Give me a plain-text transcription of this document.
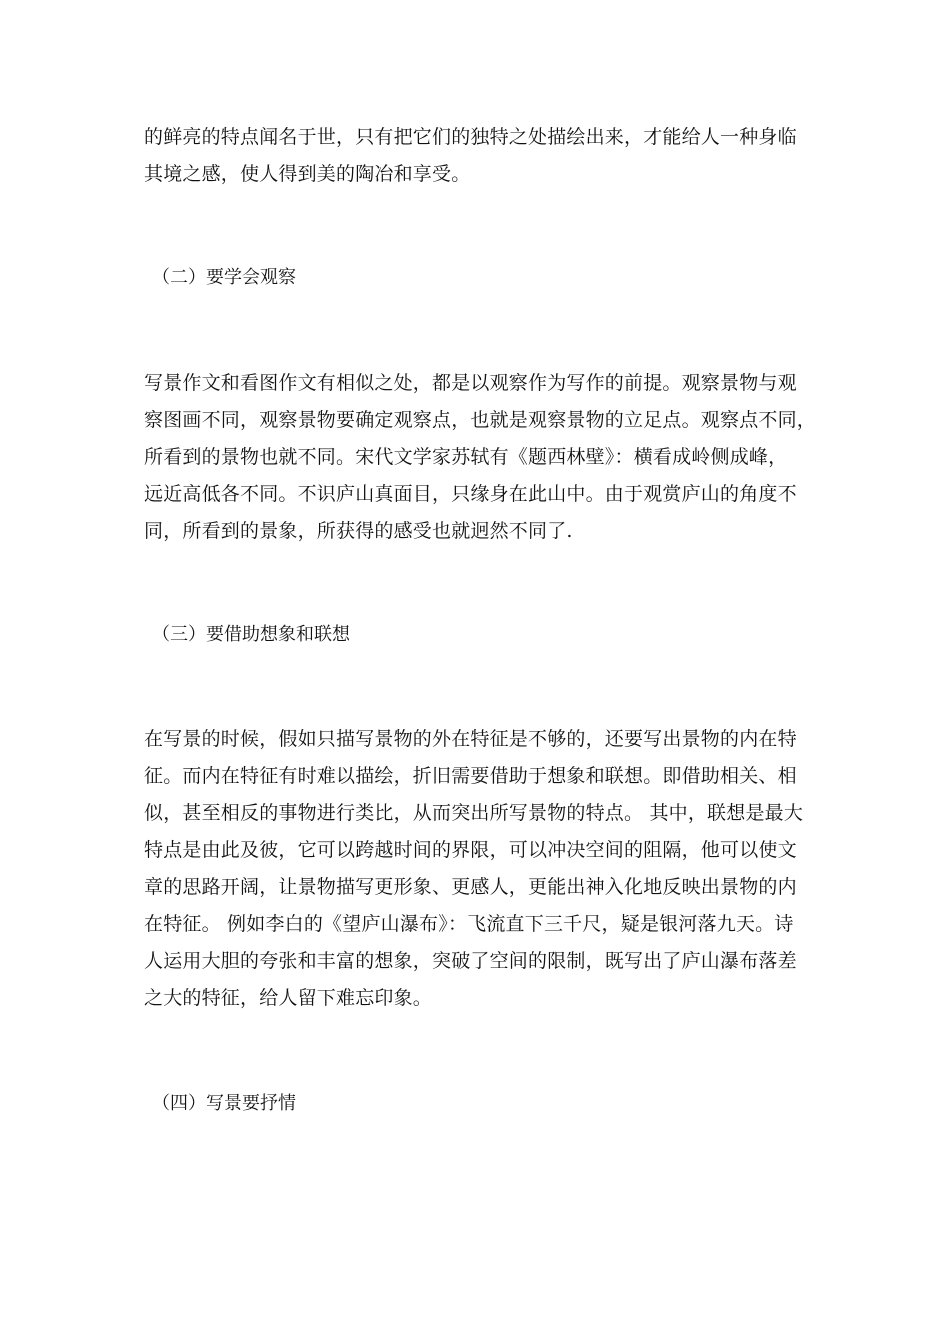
的鲜亮的特点闻名于世，只有把它们的独特之处描绘出来，才能给人一种身临
其境之感，使人得到美的陶冶和享受。
（二）要学会观察
写景作文和看图作文有相似之处，都是以观察作为写作的前提。观察景物与观
察图画不同，观察景物要确定观察点，也就是观察景物的立足点。观察点不同，
所看到的景物也就不同。宋代文学家苏轼有《题西林壁》：横看成岭侧成峰，
远近高低各不同。不识庐山真面目，只缘身在此山中。由于观赏庐山的角度不
同，所看到的景象，所获得的感受也就迥然不同了.
（三）要借助想象和联想
在写景的时候，假如只描写景物的外在特征是不够的，还要写出景物的内在特
征。而内在特征有时难以描绘，折旧需要借助于想象和联想。即借助相关、相
似，甚至相反的事物进行类比，从而突出所写景物的特点。 其中，联想是最大
特点是由此及彼，它可以跨越时间的界限，可以冲决空间的阻隔，他可以使文
章的思路开阔，让景物描写更形象、更感人，更能出神入化地反映出景物的内
在特征。 例如李白的《望庐山瀑布》：飞流直下三千尺，疑是银河落九天。诗
人运用大胆的夸张和丰富的想象，突破了空间的限制，既写出了庐山瀑布落差
之大的特征，给人留下难忘印象。
（四）写景要抒情
